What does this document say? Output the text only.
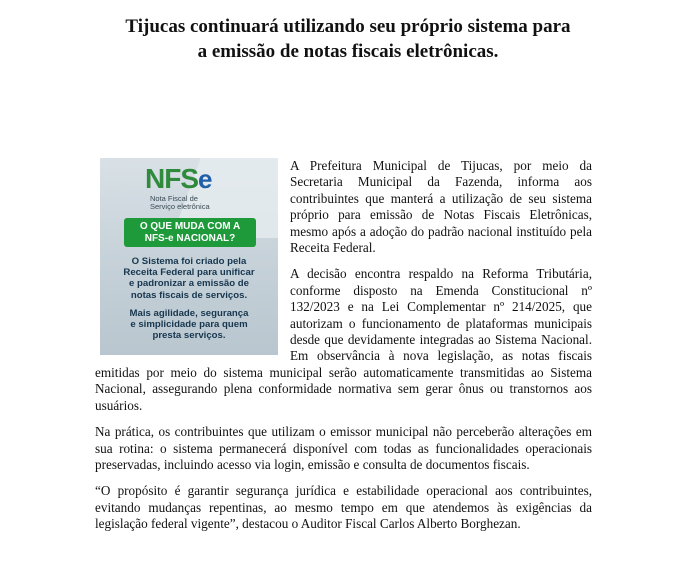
Tijucas continuará utilizando seu próprio sistema para
a emissão de notas fiscais eletrônicas.
NFSe
Nota Fiscal de
Serviço eletrônica
O QUE MUDA COM A
NFS-e NACIONAL?
O Sistema foi criado pela
Receita Federal para unificar
e padronizar a emissão de
notas fiscais de serviços.
Mais agilidade, segurança
e simplicidade para quem
presta serviços.

A Prefeitura Municipal de Tijucas, por meio da Secretaria Municipal da Fazenda, informa aos contribuintes que manterá a utilização de seu sistema próprio para emissão de Notas Fiscais Eletrônicas, mesmo após a adoção do padrão nacional instituído pela Receita Federal.

A decisão encontra respaldo na Reforma Tributária, conforme disposto na Emenda Constitucional nº 132/2023 e na Lei Complementar nº 214/2025, que autorizam o funcionamento de plataformas municipais desde que devidamente integradas ao Sistema Nacional. Em observância à nova legislação, as notas fiscais emitidas por meio do sistema municipal serão automaticamente transmitidas ao Sistema Nacional, assegurando plena conformidade normativa sem gerar ônus ou transtornos aos usuários.

Na prática, os contribuintes que utilizam o emissor municipal não perceberão alterações em sua rotina: o sistema permanecerá disponível com todas as funcionalidades operacionais preservadas, incluindo acesso via login, emissão e consulta de documentos fiscais.

“O propósito é garantir segurança jurídica e estabilidade operacional aos contribuintes, evitando mudanças repentinas, ao mesmo tempo em que atendemos às exigências da legislação federal vigente”, destacou o Auditor Fiscal Carlos Alberto Borghezan.
